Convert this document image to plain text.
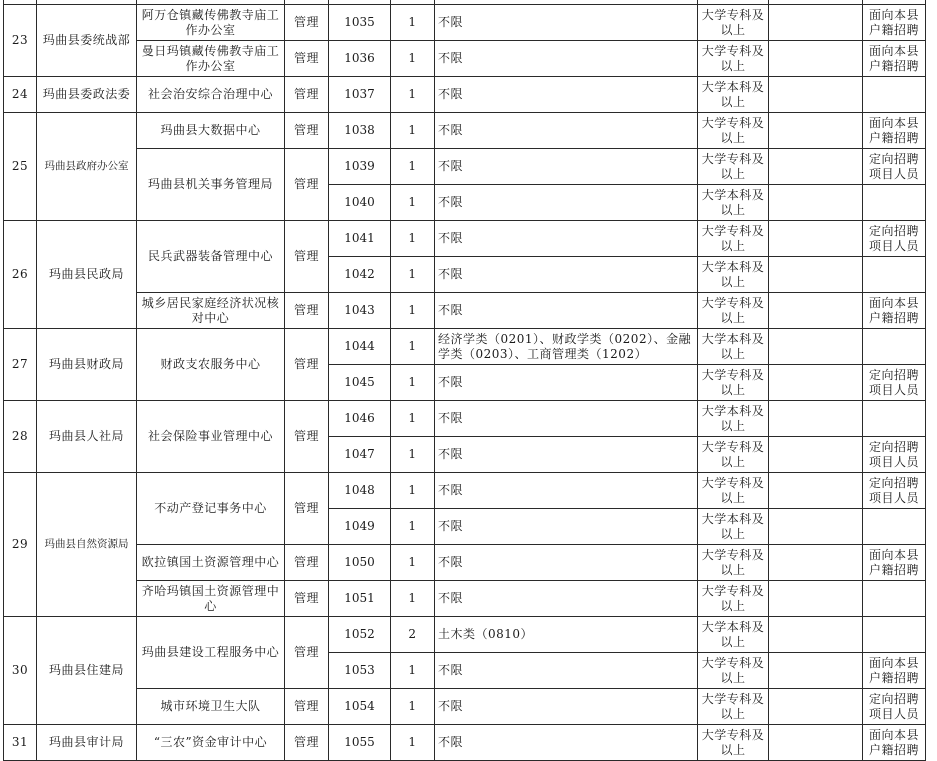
23	玛曲县委统战部	阿万仓镇藏传佛教寺庙工作办公室	管理	1035	1	不限	大学专科及以上		面向本县户籍招聘
		曼日玛镇藏传佛教寺庙工作办公室	管理	1036	1	不限	大学专科及以上		面向本县户籍招聘
24	玛曲县委政法委	社会治安综合治理中心	管理	1037	1	不限	大学本科及以上		
25	玛曲县政府办公室	玛曲县大数据中心	管理	1038	1	不限	大学专科及以上		面向本县户籍招聘
		玛曲县机关事务管理局	管理	1039	1	不限	大学专科及以上		定向招聘项目人员
				1040	1	不限	大学本科及以上		
26	玛曲县民政局	民兵武器装备管理中心	管理	1041	1	不限	大学专科及以上		定向招聘项目人员
				1042	1	不限	大学本科及以上		
		城乡居民家庭经济状况核对中心	管理	1043	1	不限	大学专科及以上		面向本县户籍招聘
27	玛曲县财政局	财政支农服务中心	管理	1044	1	经济学类（0201）、财政学类（0202）、金融学类（0203）、工商管理类（1202）	大学本科及以上		
				1045	1	不限	大学专科及以上		定向招聘项目人员
28	玛曲县人社局	社会保险事业管理中心	管理	1046	1	不限	大学本科及以上		
				1047	1	不限	大学专科及以上		定向招聘项目人员
29	玛曲县自然资源局	不动产登记事务中心	管理	1048	1	不限	大学专科及以上		定向招聘项目人员
				1049	1	不限	大学本科及以上		
		欧拉镇国土资源管理中心	管理	1050	1	不限	大学专科及以上		面向本县户籍招聘
		齐哈玛镇国土资源管理中心	管理	1051	1	不限	大学专科及以上		
30	玛曲县住建局	玛曲县建设工程服务中心	管理	1052	2	土木类（0810）	大学本科及以上		
				1053	1	不限	大学专科及以上		面向本县户籍招聘
		城市环境卫生大队	管理	1054	1	不限	大学专科及以上		定向招聘项目人员
31	玛曲县审计局	“三农”资金审计中心	管理	1055	1	不限	大学专科及以上		面向本县户籍招聘
